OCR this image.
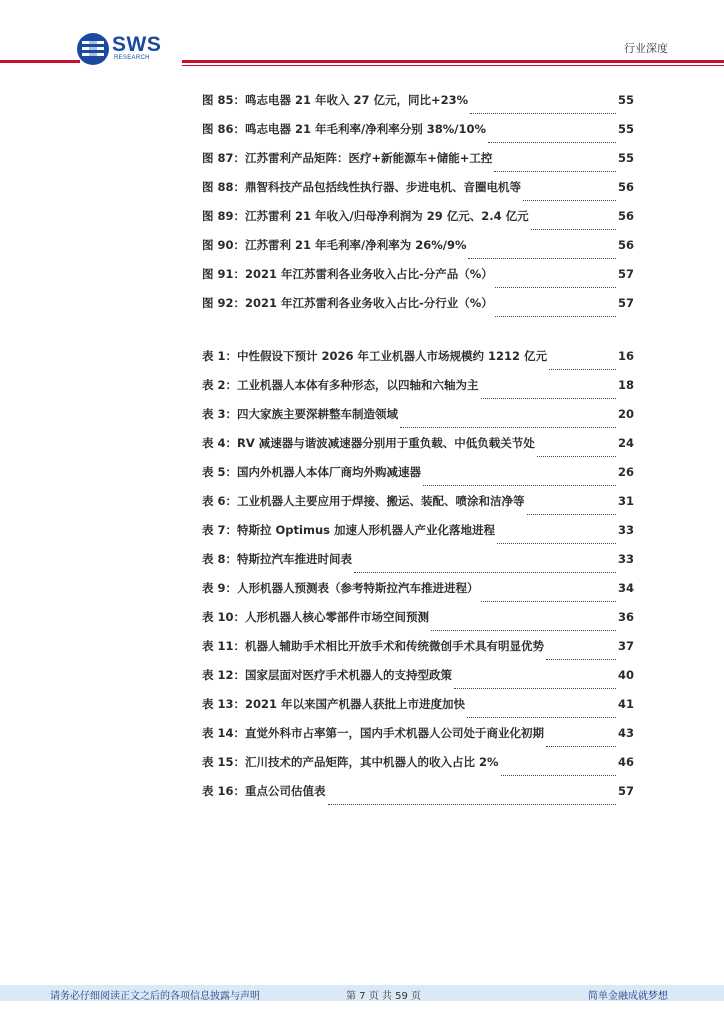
SWS
RESEARCH
行业深度
图 85：鸣志电器 21 年收入 27 亿元，同比+23%	55
图 86：鸣志电器 21 年毛利率/净利率分别 38%/10%	55
图 87：江苏雷利产品矩阵：医疗+新能源车+储能+工控	55
图 88：鼎智科技产品包括线性执行器、步进电机、音圈电机等	56
图 89：江苏雷利 21 年收入/归母净利润为 29 亿元、2.4 亿元	56
图 90：江苏雷利 21 年毛利率/净利率为 26%/9%	56
图 91：2021 年江苏雷利各业务收入占比-分产品（%）	57
图 92：2021 年江苏雷利各业务收入占比-分行业（%）	57
表 1：中性假设下预计 2026 年工业机器人市场规模约 1212 亿元	16
表 2：工业机器人本体有多种形态，以四轴和六轴为主	18
表 3：四大家族主要深耕整车制造领域	20
表 4：RV 减速器与谐波减速器分别用于重负载、中低负载关节处	24
表 5：国内外机器人本体厂商均外购减速器	26
表 6：工业机器人主要应用于焊接、搬运、装配、喷涂和洁净等	31
表 7：特斯拉 Optimus 加速人形机器人产业化落地进程	33
表 8：特斯拉汽车推进时间表	33
表 9：人形机器人预测表（参考特斯拉汽车推进进程）	34
表 10：人形机器人核心零部件市场空间预测	36
表 11：机器人辅助手术相比开放手术和传统微创手术具有明显优势	37
表 12：国家层面对医疗手术机器人的支持型政策	40
表 13：2021 年以来国产机器人获批上市进度加快	41
表 14：直觉外科市占率第一，国内手术机器人公司处于商业化初期	43
表 15：汇川技术的产品矩阵，其中机器人的收入占比 2%	46
表 16：重点公司估值表	57
请务必仔细阅读正文之后的各项信息披露与声明	第 7 页 共 59 页	简单金融成就梦想
